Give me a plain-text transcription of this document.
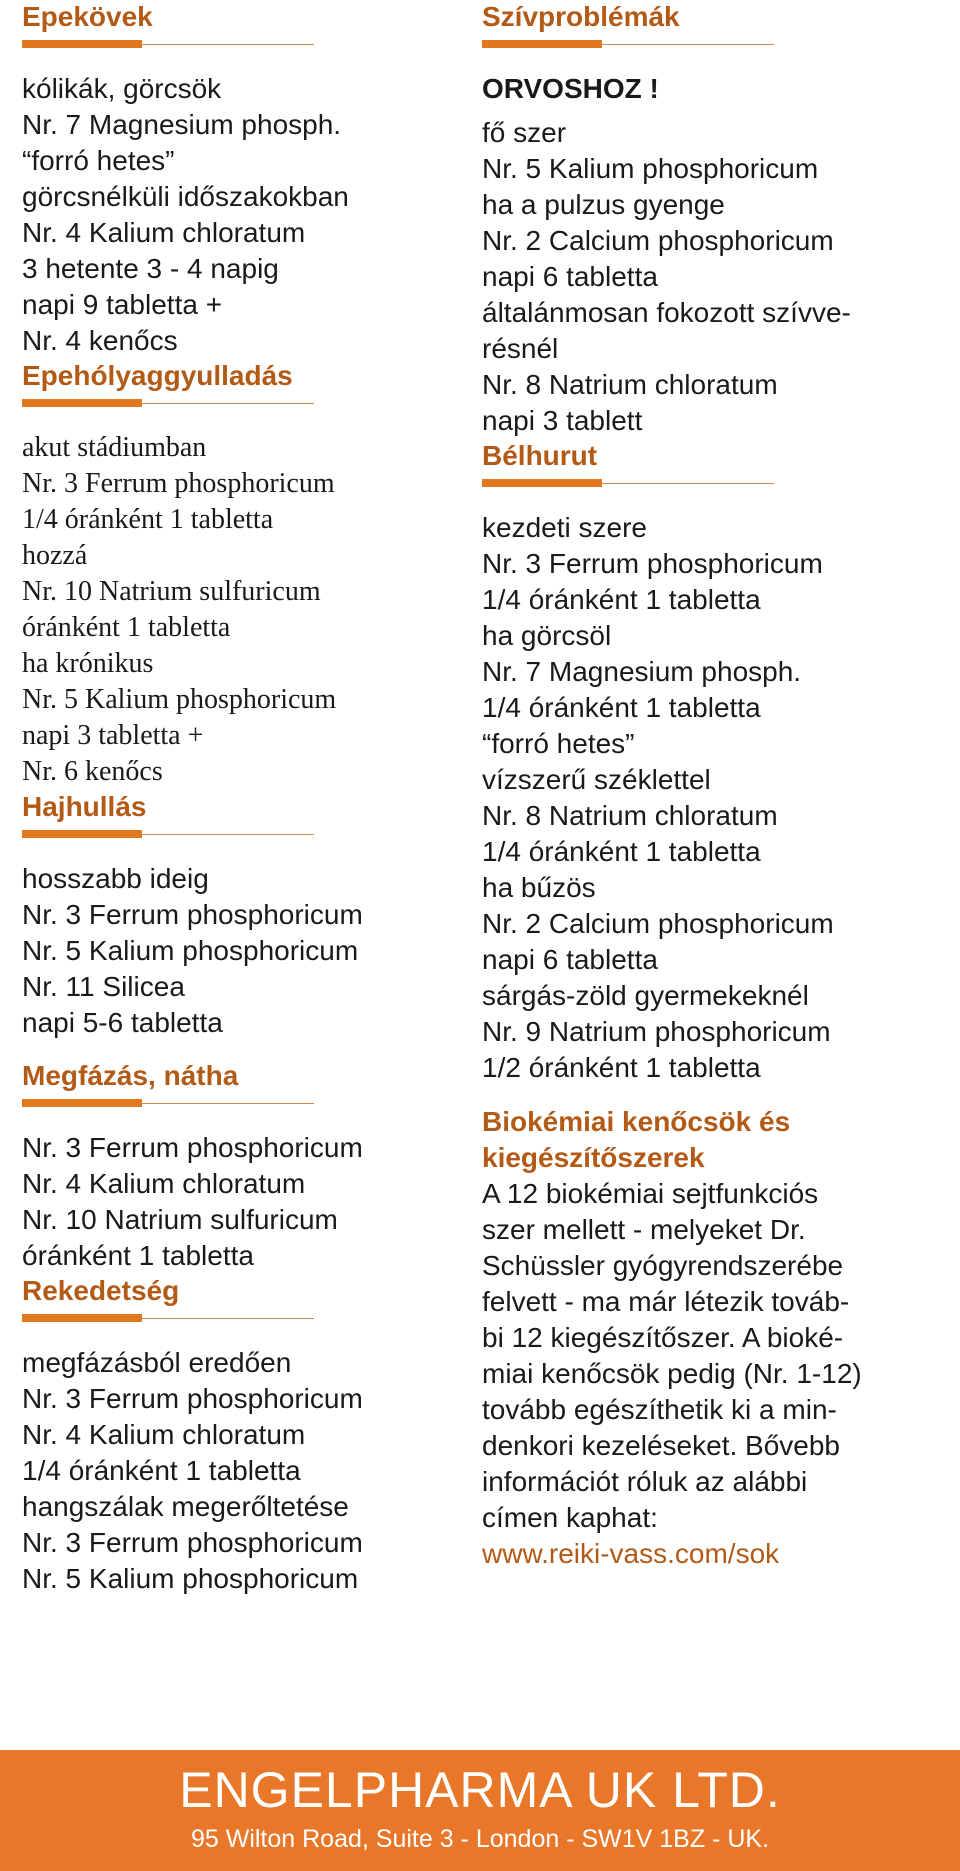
Epekövek
kólikák, görcsök
Nr. 7 Magnesium phosph.
“forró hetes”
görcsnélküli időszakokban
Nr. 4 Kalium chloratum
3 hetente 3 - 4 napig
napi 9 tabletta +
Nr. 4 kenőcs
Epehólyaggyulladás
akut stádiumban
Nr. 3 Ferrum phosphoricum
1/4 óránként 1 tabletta
hozzá
Nr. 10 Natrium sulfuricum
óránként 1 tabletta
ha krónikus
Nr. 5 Kalium phosphoricum
napi 3 tabletta +
Nr. 6 kenőcs
Hajhullás
hosszabb ideig
Nr. 3 Ferrum phosphoricum
Nr. 5 Kalium phosphoricum
Nr. 11 Silicea
napi 5-6 tabletta
Megfázás, nátha
Nr. 3 Ferrum phosphoricum
Nr. 4 Kalium chloratum
Nr. 10 Natrium sulfuricum
óránként 1 tabletta
Rekedetség
megfázásból eredően
Nr. 3 Ferrum phosphoricum
Nr. 4 Kalium chloratum
1/4 óránként 1 tabletta
hangszálak megerőltetése
Nr. 3 Ferrum phosphoricum
Nr. 5 Kalium phosphoricum
Szívproblémák
ORVOSHOZ !
fő szer
Nr. 5 Kalium phosphoricum
ha a pulzus gyenge
Nr. 2 Calcium phosphoricum
napi 6 tabletta
általánmosan fokozott szívve-
résnél
Nr. 8 Natrium chloratum
napi 3 tablett
Bélhurut
kezdeti szere
Nr. 3 Ferrum phosphoricum
1/4 óránként 1 tabletta
ha görcsöl
Nr. 7 Magnesium phosph.
1/4 óránként 1 tabletta
“forró hetes”
vízszerű széklettel
Nr. 8 Natrium chloratum
1/4 óránként 1 tabletta
ha bűzös
Nr. 2 Calcium phosphoricum
napi 6 tabletta
sárgás-zöld gyermekeknél
Nr. 9 Natrium phosphoricum
1/2 óránként 1 tabletta

Biokémiai kenőcsök és

kiegészítőszerek

A 12 biokémiai sejtfunkciós
szer mellett - melyeket Dr.
Schüssler gyógyrendszerébe
felvett - ma már létezik továb-
bi 12 kiegészítőszer. A bioké-
miai kenőcsök pedig (Nr. 1-12)
tovább egészíthetik ki a min-
denkori kezeléseket. Bővebb
információt róluk az alábbi
címen kaphat:
www.reiki-vass.com/sok
ENGELPHARMA UK LTD.
95 Wilton Road, Suite 3 - London - SW1V 1BZ - UK.
